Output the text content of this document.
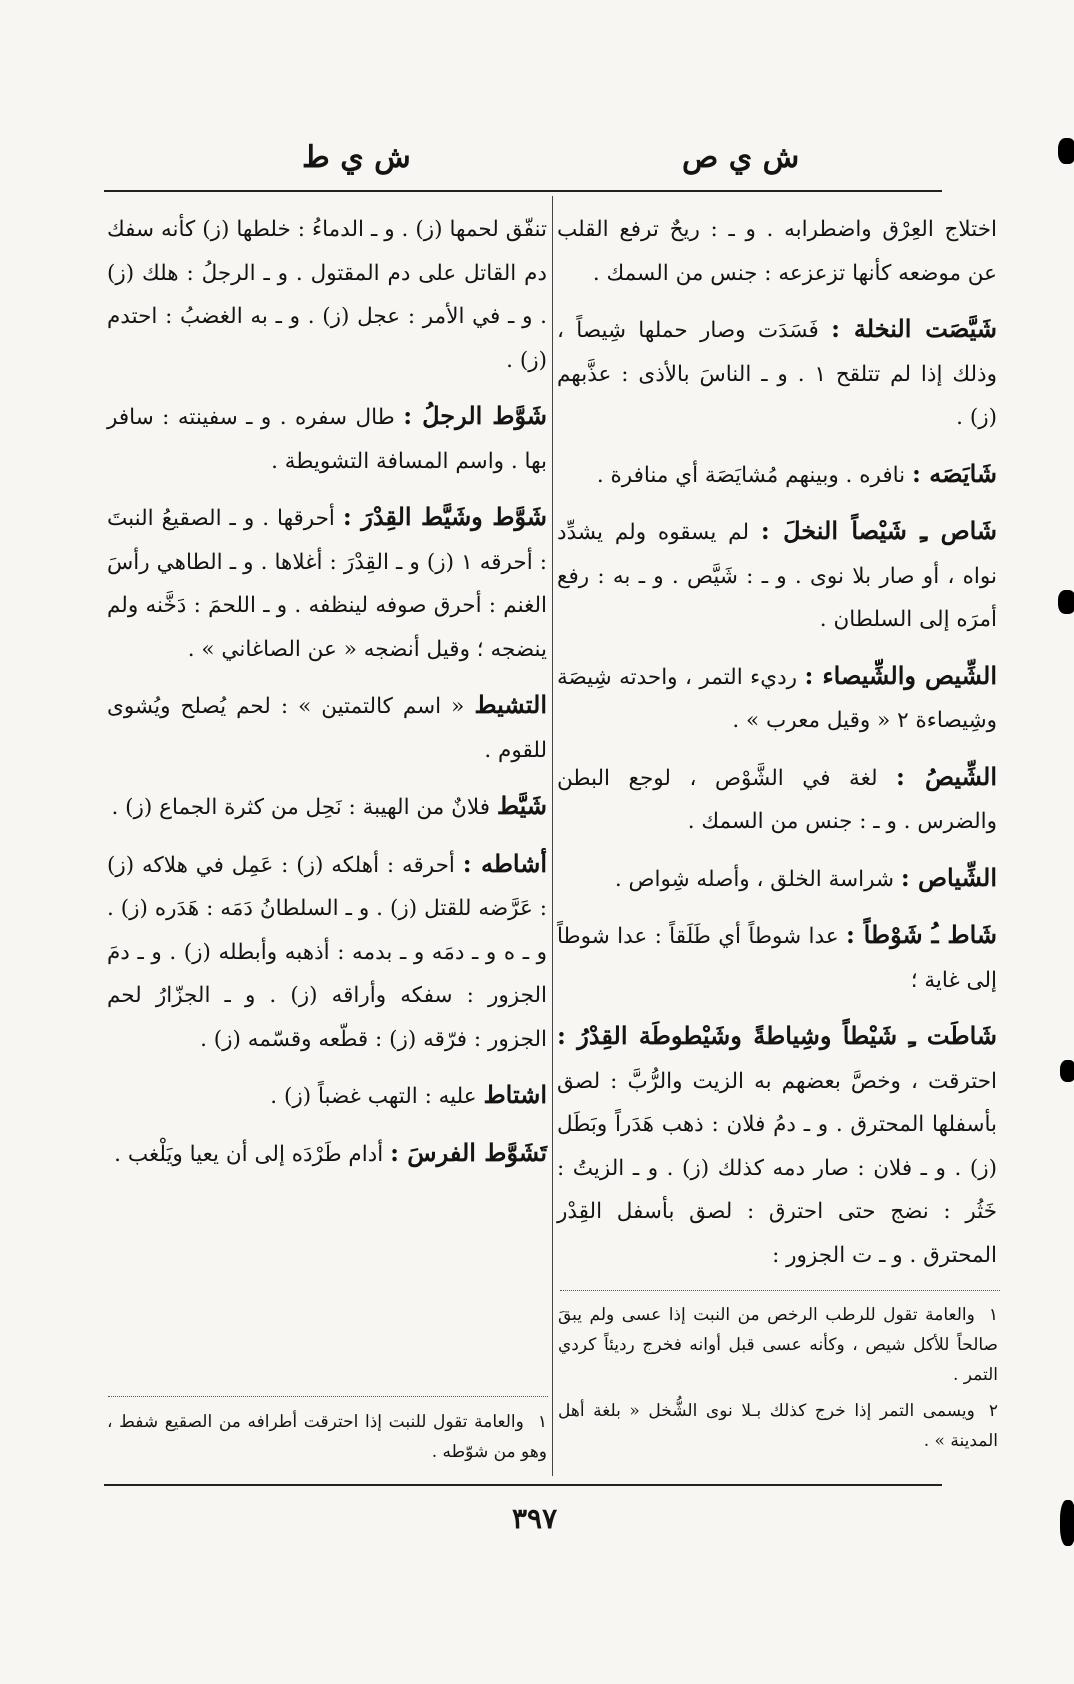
ش ي ص
ش ي ط

اختلاج العِرْق واضطرابه . و ـ : ريحٌ ترفع القلب عن موضعه كأنها تزعزعه : جنس من السمك .

شَيَّصَت النخلة : فَسَدَت وصار حملها شِيصاً ، وذلك إذا لم تتلقح ١ . و ـ الناسَ بالأذى : عذَّبهم (ز) .

شَايَصَه : نافره . وبينهم مُشايَصَة أي منافرة .

شَاص ـِ شَيْصاً النخلَ : لم يسقوه ولم يشدِّد نواه ، أو صار بلا نوى . و ـ : شَيَّص . و ـ به : رفع أمرَه إلى السلطان .

الشِّيص والشِّيصاء : رديء التمر ، واحدته شِيصَة وشِيصاءة ٢ « وقيل معرب » .

الشِّيصُ : لغة في الشَّوْص ، لوجع البطن والضرس . و ـ : جنس من السمك .

الشِّياص : شراسة الخلق ، وأصله شِواص .

شَاط ـُ شَوْطاً : عدا شوطاً أي طَلَقاً : عدا شوطاً إلى غاية ؛

شَاطَت ـِ شَيْطاً وشِياطةً وشَيْطوطَة القِدْرُ : احترقت ، وخصَّ بعضهم به الزيت والرُّبَّ : لصق بأسفلها المحترق . و ـ دمُ فلان : ذهب هَدَراً وبَطَل (ز) . و ـ فلان : صار دمه كذلك (ز) . و ـ الزيتُ : خَثُر : نضج حتى احترق : لصق بأسفل القِدْر المحترق . و ـ ت الجزور :

تنفّق لحمها (ز) . و ـ الدماءُ : خلطها (ز) كأنه سفك دم القاتل على دم المقتول . و ـ الرجلُ : هلك (ز) . و ـ في الأمر : عجل (ز) . و ـ به الغضبُ : احتدم (ز) .

شَوَّط الرجلُ : طال سفره . و ـ سفينته : سافر بها . واسم المسافة التشويطة .

شَوَّط وشَيَّط القِدْرَ : أحرقها . و ـ الصقيعُ النبتَ : أحرقه ١ (ز) و ـ القِدْرَ : أغلاها . و ـ الطاهي رأسَ الغنم : أحرق صوفه لينظفه . و ـ اللحمَ : دَخَّنه ولم ينضجه ؛ وقيل أنضجه « عن الصاغاني » .

التشيط « اسم كالتمتين » : لحم يُصلح ويُشوى للقوم .

شَيَّط فلانٌ من الهيبة : نَحِل من كثرة الجماع (ز) .

أشاطه : أحرقه : أهلكه (ز) : عَمِل في هلاكه (ز) : عَرَّضه للقتل (ز) . و ـ السلطانُ دَمَه : هَدَره (ز) . و ـ ه و ـ دمَه و ـ بدمه : أذهبه وأبطله (ز) . و ـ دمَ الجزور : سفكه وأراقه (ز) . و ـ الجزّارُ لحم الجزور : فرّقه (ز) : قطّعه وقسّمه (ز) .

اشتاط عليه : التهب غضباً (ز) .

تَشَوَّط الفرسَ : أدام طَرْدَه إلى أن يعيا ويَلْغب .

١والعامة تقول للرطب الرخص من النبت إذا عسى ولم يبقَ صالحاً للأكل شيص ، وكأنه عسى قبل أوانه فخرج رديئاً كردي التمر .

٢ويسمى التمر إذا خرج كذلك بـلا نوى الشُّخل « بلغة أهل المدينة » .

١والعامة تقول للنبت إذا احترقت أطرافه من الصقيع شفط ، وهو من شوّطه .

٣٩٧
